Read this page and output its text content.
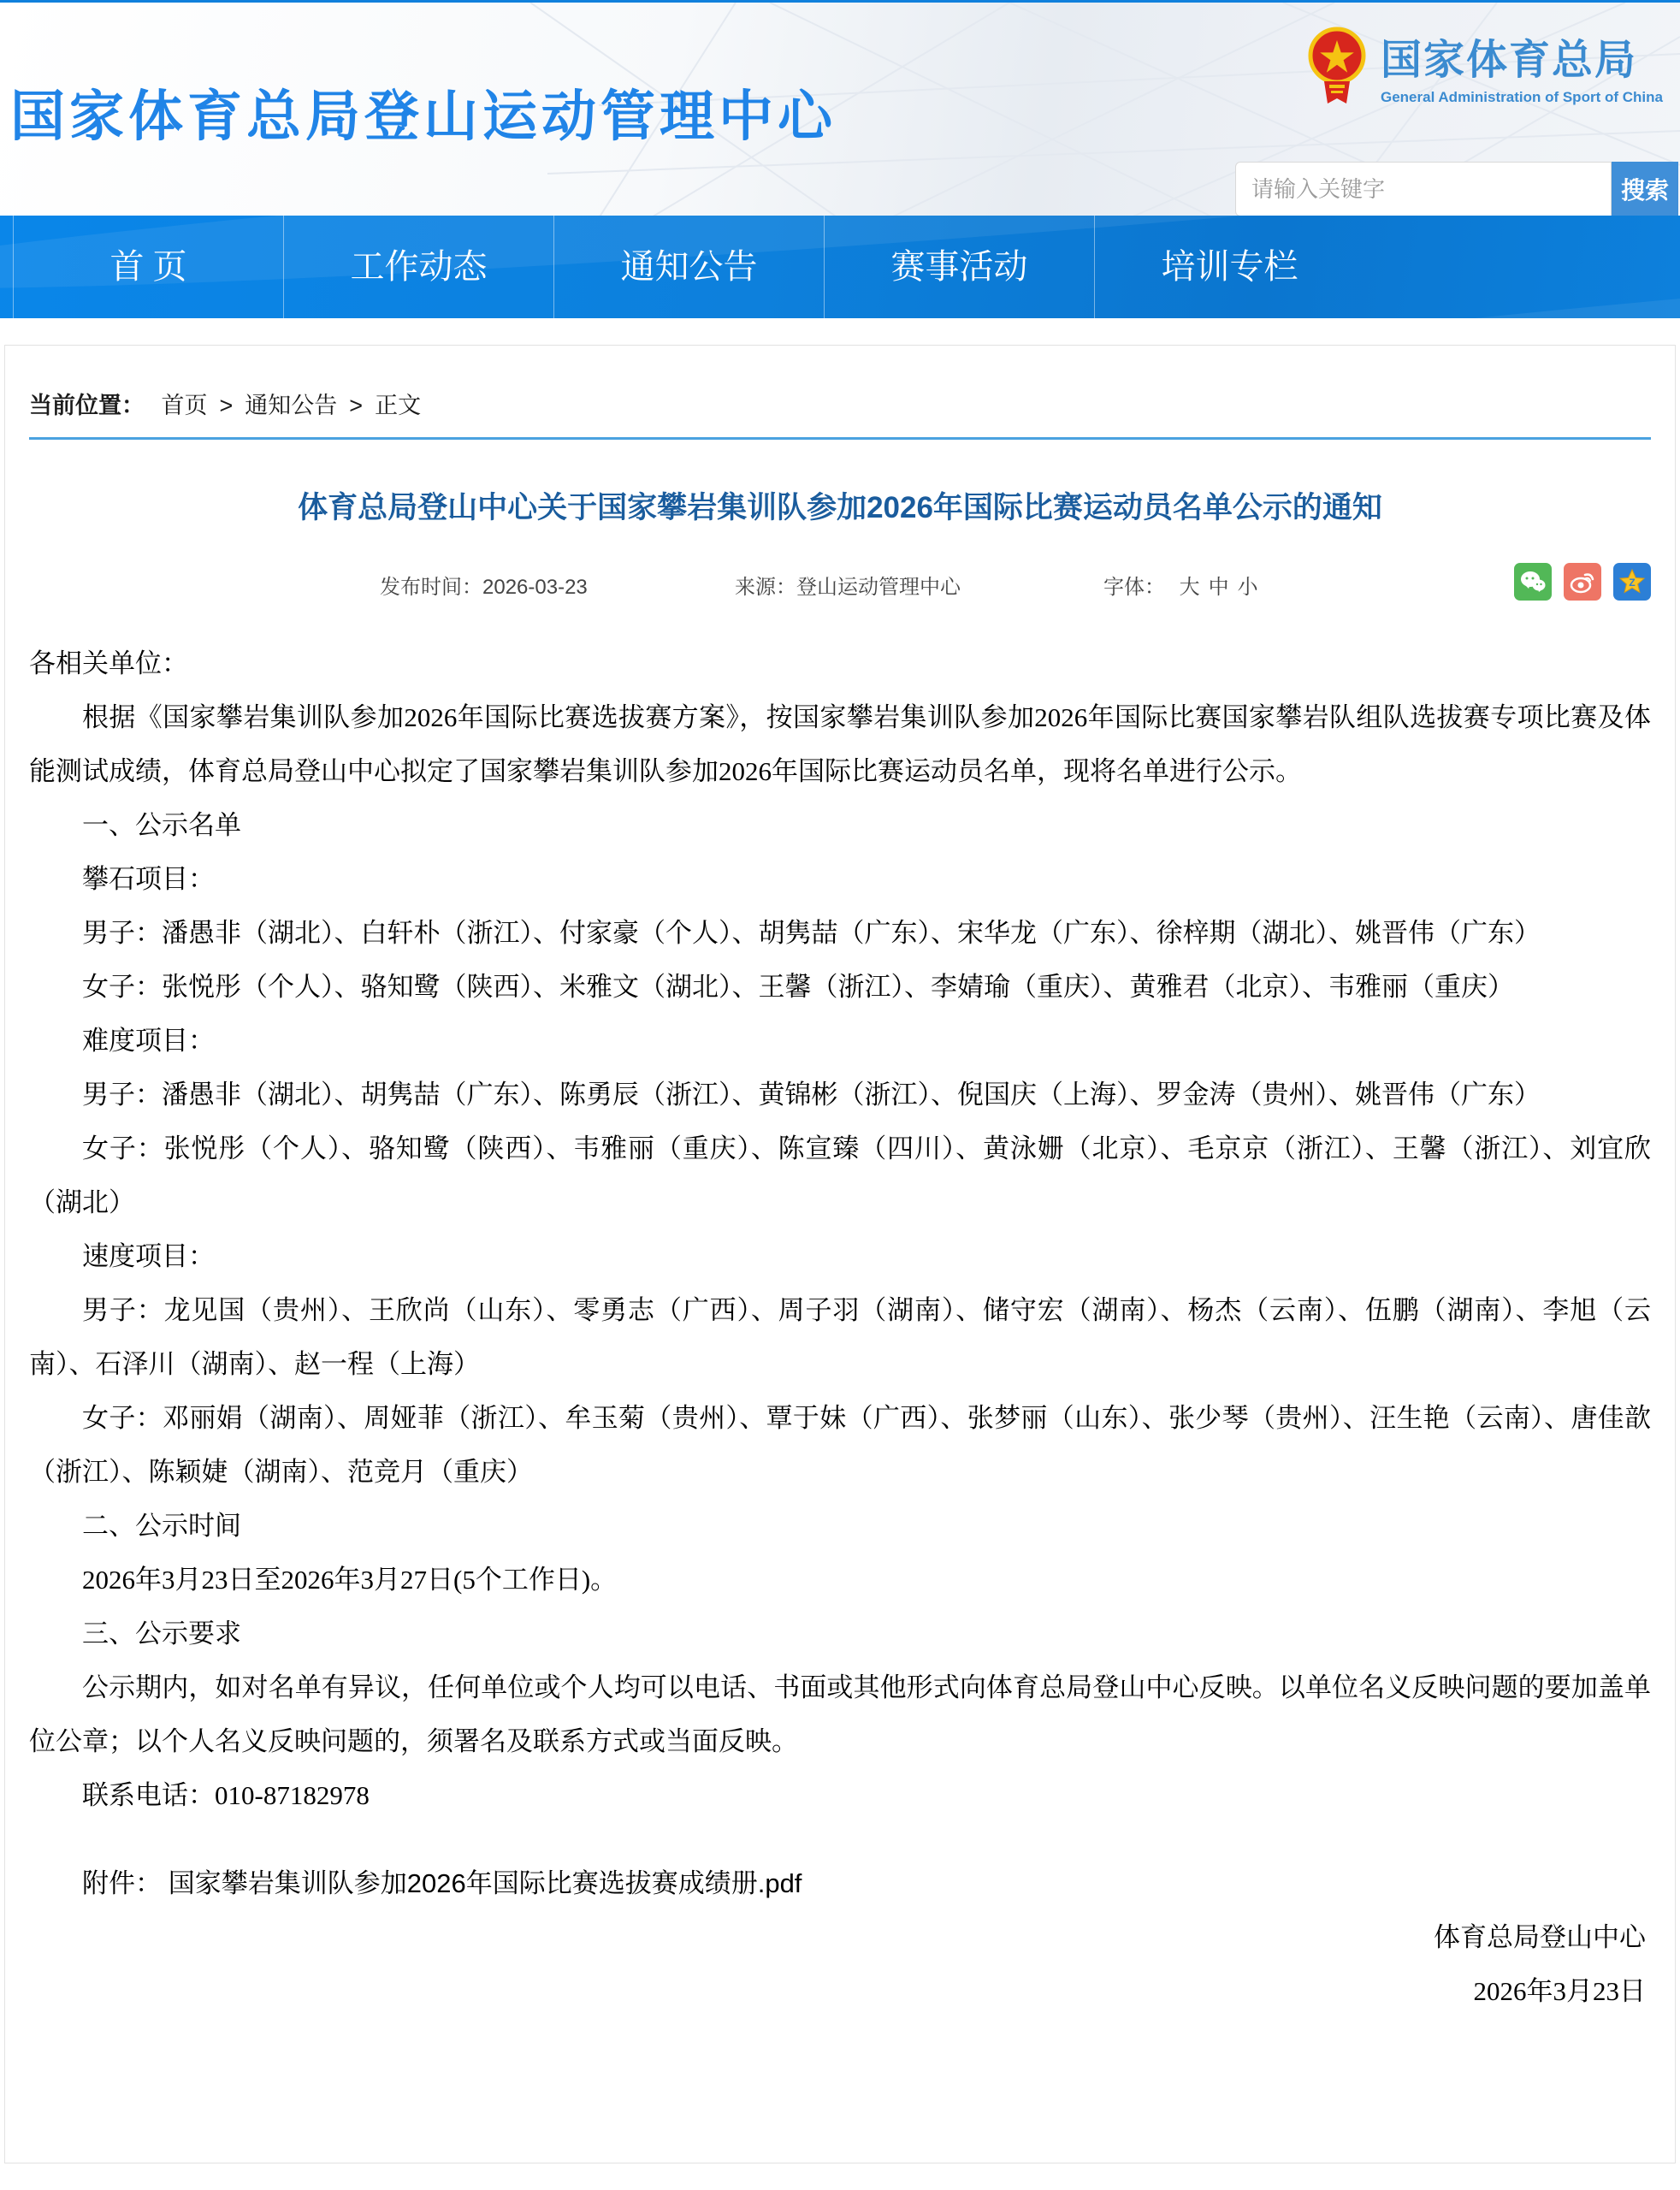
国家体育总局登山运动管理中心
国家体育总局
General Administration of Sport of China
请输入关键字
搜索
首 页	工作动态	通知公告	赛事活动	培训专栏
当前位置： 首页 > 通知公告 > 正文
体育总局登山中心关于国家攀岩集训队参加2026年国际比赛运动员名单公示的通知
发布时间：2026-03-23	来源：登山运动管理中心	字体： 大 中 小	Z

各相关单位：

根据《国家攀岩集训队参加2026年国际比赛选拔赛方案》，按国家攀岩集训队参加2026年国际比赛国家攀岩队组队选拔赛专项比赛及体能测试成绩，体育总局登山中心拟定了国家攀岩集训队参加2026年国际比赛运动员名单，现将名单进行公示。

一、公示名单

攀石项目：

男子：潘愚非（湖北）、白轩朴（浙江）、付家豪（个人）、胡隽喆（广东）、宋华龙（广东）、徐梓期（湖北）、姚晋伟（广东）

女子：张悦彤（个人）、骆知鹭（陕西）、米雅文（湖北）、王馨（浙江）、李婧瑜（重庆）、黄雅君（北京）、韦雅丽（重庆）

难度项目：

男子：潘愚非（湖北）、胡隽喆（广东）、陈勇辰（浙江）、黄锦彬（浙江）、倪国庆（上海）、罗金涛（贵州）、姚晋伟（广东）

女子：张悦彤（个人）、骆知鹭（陕西）、韦雅丽（重庆）、陈宣臻（四川）、黄泳姗（北京）、毛京京（浙江）、王馨（浙江）、刘宜欣（湖北）

速度项目：

男子：龙见国（贵州）、王欣尚（山东）、零勇志（广西）、周子羽（湖南）、储守宏（湖南）、杨杰（云南）、伍鹏（湖南）、李旭（云南）、石泽川（湖南）、赵一程（上海）

女子：邓丽娟（湖南）、周娅菲（浙江）、牟玉菊（贵州）、覃于妹（广西）、张梦丽（山东）、张少琴（贵州）、汪生艳（云南）、唐佳歆（浙江）、陈颖婕（湖南）、范竞月（重庆）

二、公示时间

2026年3月23日至2026年3月27日(5个工作日)。

三、公示要求

公示期内，如对名单有异议，任何单位或个人均可以电话、书面或其他形式向体育总局登山中心反映。以单位名义反映问题的要加盖单位公章；以个人名义反映问题的，须署名及联系方式或当面反映。

联系电话：010-87182978

附件： 国家攀岩集训队参加2026年国际比赛选拔赛成绩册.pdf

体育总局登山中心

2026年3月23日
